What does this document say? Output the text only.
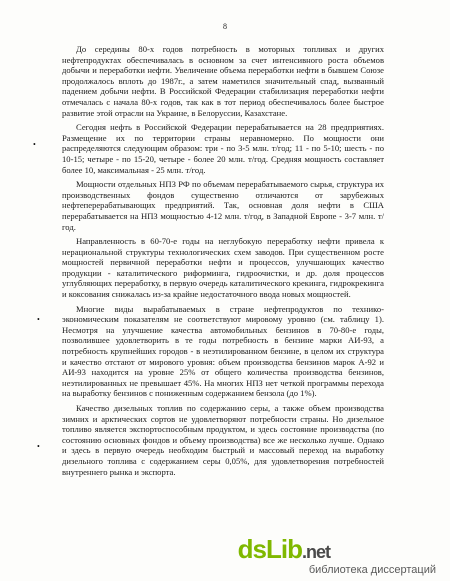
8
•
•
•

До середины 80-х годов потребность в моторных топливах и других нефтепродуктах обеспечивалась в основном за счет интенсивного роста объемов добычи и переработки нефти. Увеличение объема переработки нефти в бывшем Союзе продолжалось вплоть до 1987г., а затем наметился значительный спад, вызванный падением добычи нефти. В Российской Федерации стабилизация переработки нефти отмечалась с начала 80-х годов, так как в тот период обеспечивалось более быстрое развитие этой отрасли на Украине, в Белоруссии, Казахстане.

Сегодня нефть в Российской Федерации перерабатывается на 28 предприятиях. Размещение их по территории страны неравномерно. По мощности они распределяются следующим образом: три - по 3-5 млн. т/год; 11 - по 5-10; шесть - по 10-15; четыре - по 15-20, четыре - более 20 млн. т/год. Средняя мощность составляет более 10, максимальная - 25 млн. т/год.

Мощности отдельных НПЗ РФ по объемам перерабатываемого сырья, структура их производственных фондов существенно отличаются от зарубежных нефтеперерабатывающих предприятий. Так, основная доля нефти в США перерабатывается на НПЗ мощностью 4-12 млн. т/год, в Западной Европе - 3-7 млн. т/год.

Направленность в 60-70-е годы на неглубокую переработку нефти привела к нерациональной структуры технологических схем заводов. При существенном росте мощностей первичной переработки нефти и процессов, улучшающих качество продукции - каталитического риформинга, гидроочистки, и др. доля процессов углубляющих переработку, в первую очередь каталитического крекинга, гидрокрекинга и коксования снижалась из-за крайне недостаточного ввода новых мощностей.

Многие виды вырабатываемых в стране нефтепродуктов по технико-экономическим показателям не соответствуют мировому уровню (см. таблицу 1). Несмотря на улучшение качества автомобильных бензинов в 70-80-е годы, позволившее удовлетворить в те годы потребность в бензине марки АИ-93, а потребность крупнейших городов - в неэтилированном бензине, в целом их структура и качество отстают от мирового уровня: объем производства бензинов марок А-92 и АИ-93 находится на уровне 25% от общего количества производства бензинов, неэтилированных не превышает 45%. На многих НПЗ нет четкой программы перехода на выработку бензинов с пониженным содержанием бензола (до 1%).

Качество дизельных топлив по содержанию серы, а также объем производства зимних и арктических сортов не удовлетворяют потребности страны. Но дизельное топливо является экспортоспособным продуктом, и здесь состояние производства (по состоянию основных фондов и объему производства) все же несколько лучше. Однако и здесь в первую очередь необходим быстрый и массовый переход на выработку дизельного топлива с содержанием серы 0,05%, для удовлетворения потребностей внутреннего рынка и экспорта.

dsLib.net
библиотека диссертаций
